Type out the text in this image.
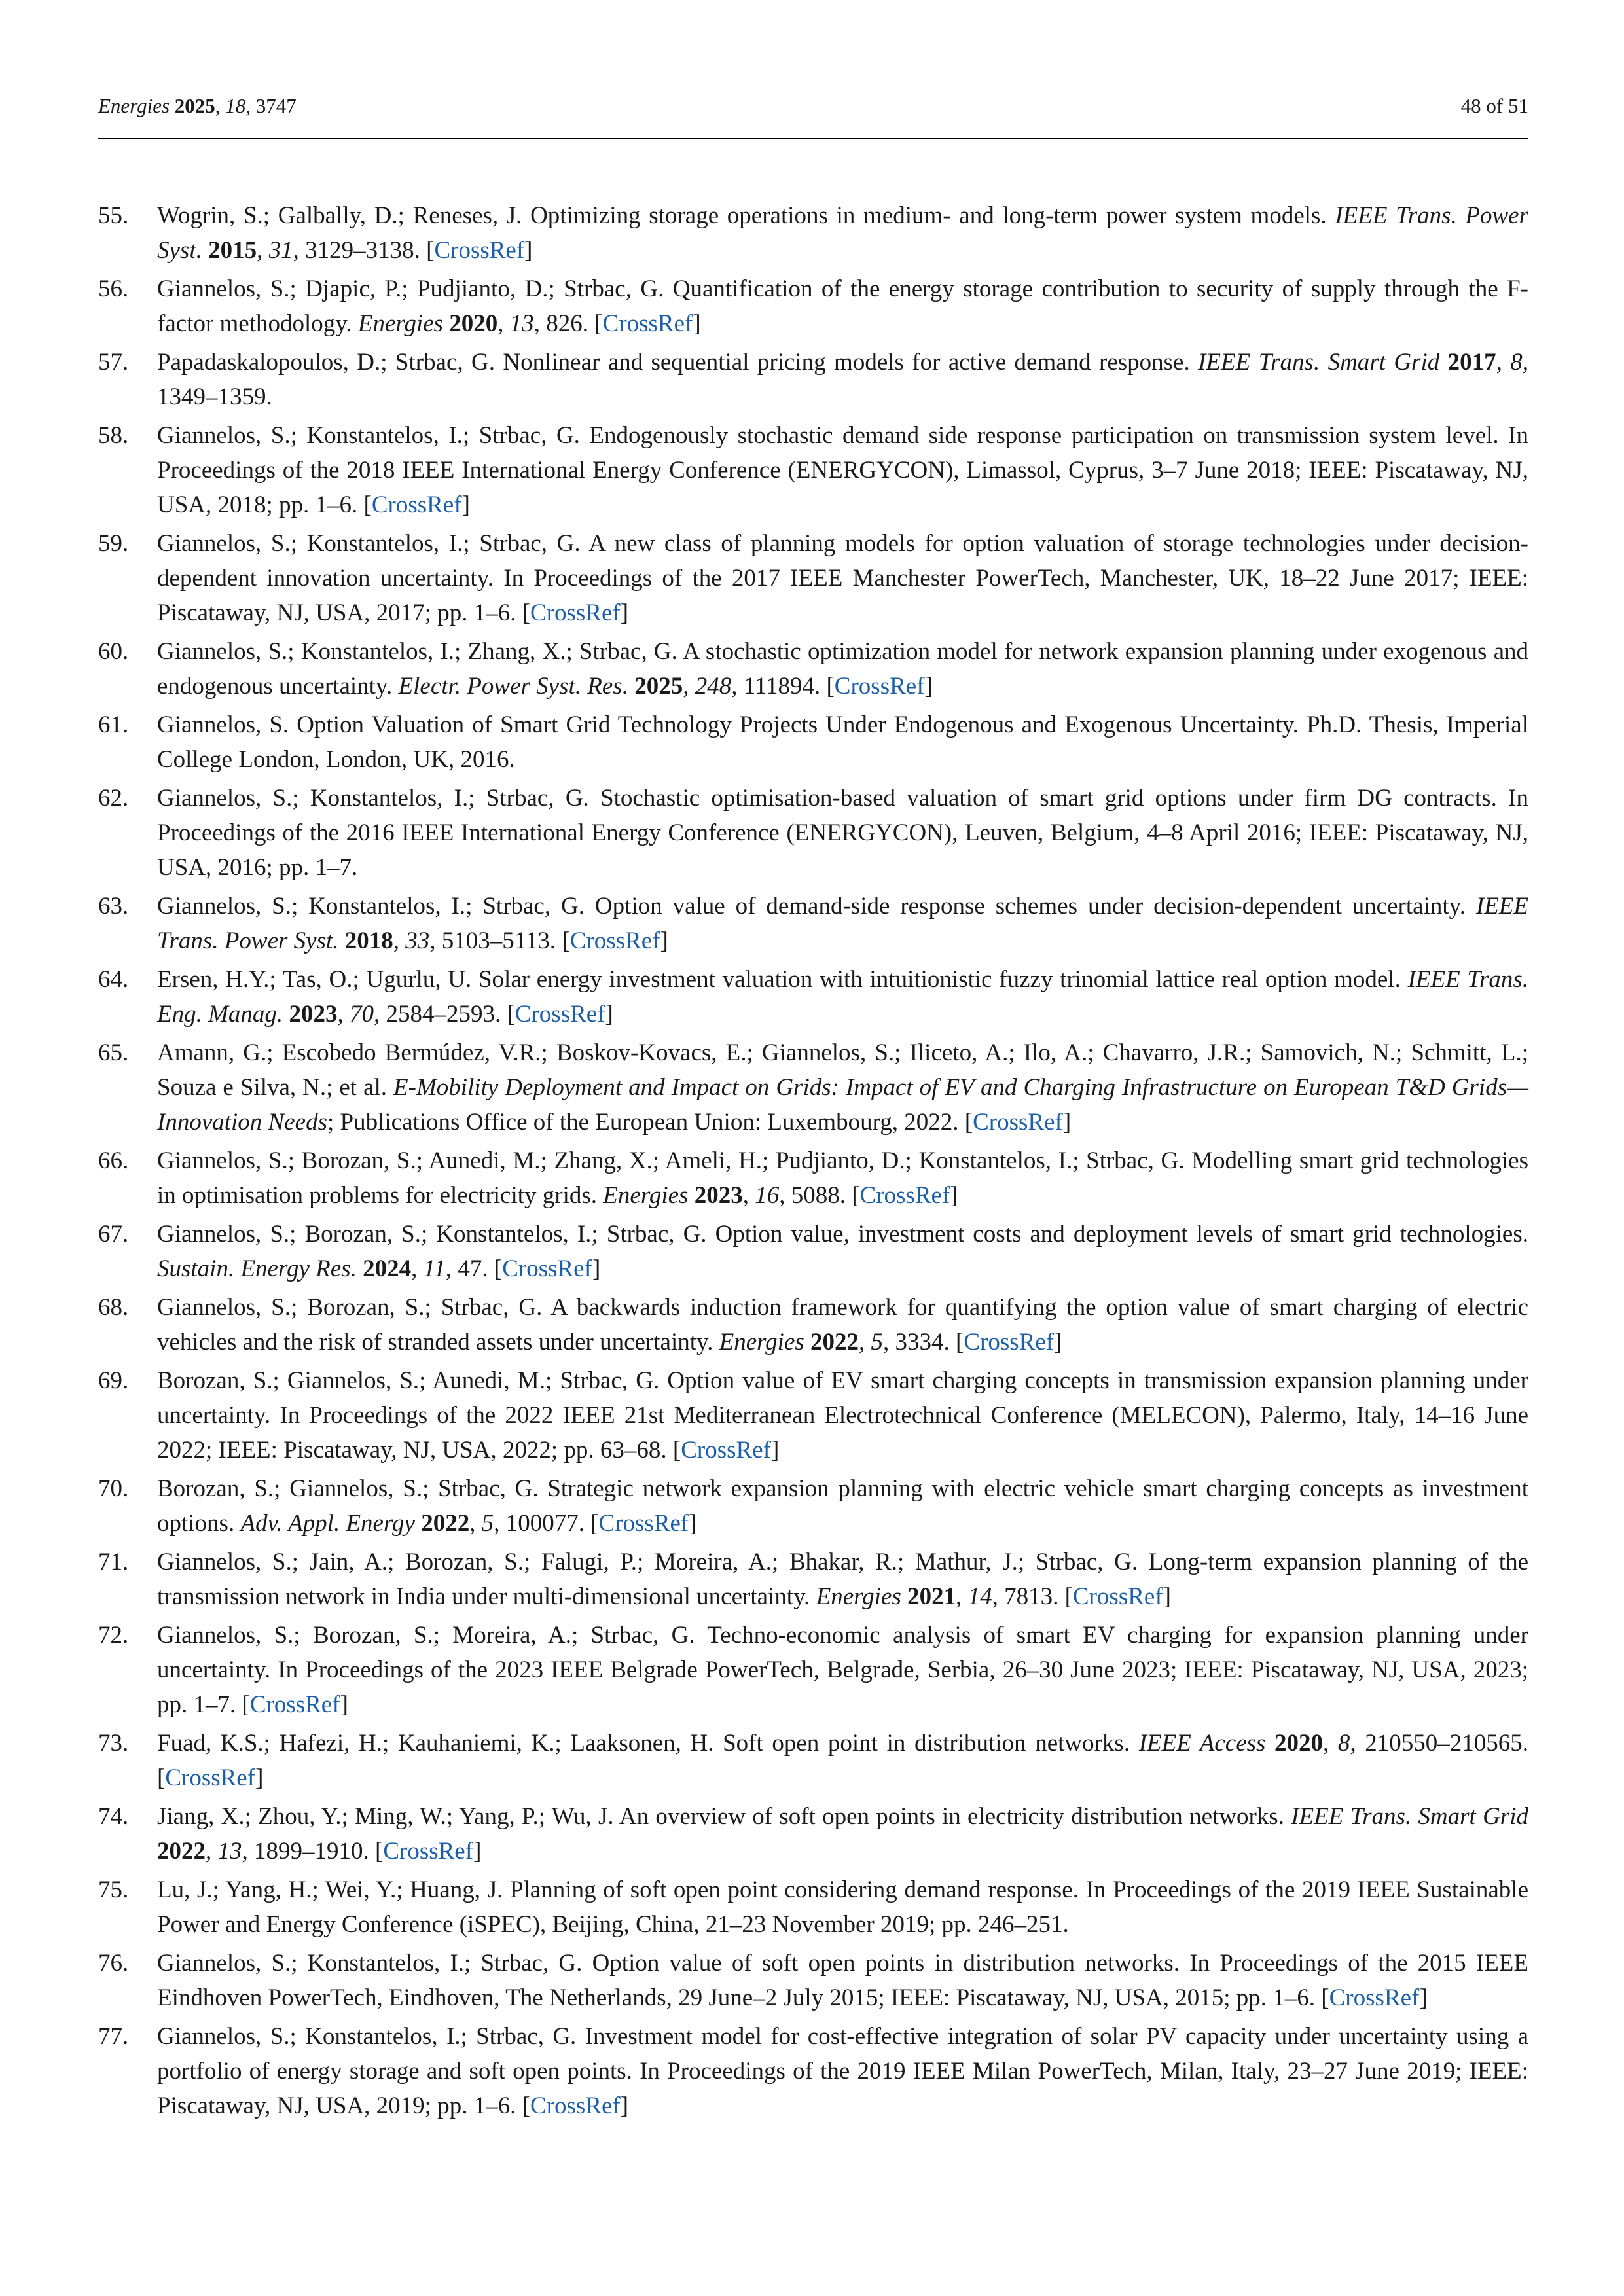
Energies 2025, 18, 3747	48 of 51
55. Wogrin, S.; Galbally, D.; Reneses, J. Optimizing storage operations in medium- and long-term power system models. IEEE Trans. Power Syst. 2015, 31, 3129–3138. [CrossRef]
56. Giannelos, S.; Djapic, P.; Pudjianto, D.; Strbac, G. Quantification of the energy storage contribution to security of supply through the F-factor methodology. Energies 2020, 13, 826. [CrossRef]
57. Papadaskalopoulos, D.; Strbac, G. Nonlinear and sequential pricing models for active demand response. IEEE Trans. Smart Grid 2017, 8, 1349–1359.
58. Giannelos, S.; Konstantelos, I.; Strbac, G. Endogenously stochastic demand side response participation on transmission system level. In Proceedings of the 2018 IEEE International Energy Conference (ENERGYCON), Limassol, Cyprus, 3–7 June 2018; IEEE: Piscataway, NJ, USA, 2018; pp. 1–6. [CrossRef]
59. Giannelos, S.; Konstantelos, I.; Strbac, G. A new class of planning models for option valuation of storage technologies under decision-dependent innovation uncertainty. In Proceedings of the 2017 IEEE Manchester PowerTech, Manchester, UK, 18–22 June 2017; IEEE: Piscataway, NJ, USA, 2017; pp. 1–6. [CrossRef]
60. Giannelos, S.; Konstantelos, I.; Zhang, X.; Strbac, G. A stochastic optimization model for network expansion planning under exogenous and endogenous uncertainty. Electr. Power Syst. Res. 2025, 248, 111894. [CrossRef]
61. Giannelos, S. Option Valuation of Smart Grid Technology Projects Under Endogenous and Exogenous Uncertainty. Ph.D. Thesis, Imperial College London, London, UK, 2016.
62. Giannelos, S.; Konstantelos, I.; Strbac, G. Stochastic optimisation-based valuation of smart grid options under firm DG contracts. In Proceedings of the 2016 IEEE International Energy Conference (ENERGYCON), Leuven, Belgium, 4–8 April 2016; IEEE: Piscataway, NJ, USA, 2016; pp. 1–7.
63. Giannelos, S.; Konstantelos, I.; Strbac, G. Option value of demand-side response schemes under decision-dependent uncertainty. IEEE Trans. Power Syst. 2018, 33, 5103–5113. [CrossRef]
64. Ersen, H.Y.; Tas, O.; Ugurlu, U. Solar energy investment valuation with intuitionistic fuzzy trinomial lattice real option model. IEEE Trans. Eng. Manag. 2023, 70, 2584–2593. [CrossRef]
65. Amann, G.; Escobedo Bermúdez, V.R.; Boskov-Kovacs, E.; Giannelos, S.; Iliceto, A.; Ilo, A.; Chavarro, J.R.; Samovich, N.; Schmitt, L.; Souza e Silva, N.; et al. E-Mobility Deployment and Impact on Grids: Impact of EV and Charging Infrastructure on European T&D Grids—Innovation Needs; Publications Office of the European Union: Luxembourg, 2022. [CrossRef]
66. Giannelos, S.; Borozan, S.; Aunedi, M.; Zhang, X.; Ameli, H.; Pudjianto, D.; Konstantelos, I.; Strbac, G. Modelling smart grid technologies in optimisation problems for electricity grids. Energies 2023, 16, 5088. [CrossRef]
67. Giannelos, S.; Borozan, S.; Konstantelos, I.; Strbac, G. Option value, investment costs and deployment levels of smart grid technologies. Sustain. Energy Res. 2024, 11, 47. [CrossRef]
68. Giannelos, S.; Borozan, S.; Strbac, G. A backwards induction framework for quantifying the option value of smart charging of electric vehicles and the risk of stranded assets under uncertainty. Energies 2022, 5, 3334. [CrossRef]
69. Borozan, S.; Giannelos, S.; Aunedi, M.; Strbac, G. Option value of EV smart charging concepts in transmission expansion planning under uncertainty. In Proceedings of the 2022 IEEE 21st Mediterranean Electrotechnical Conference (MELECON), Palermo, Italy, 14–16 June 2022; IEEE: Piscataway, NJ, USA, 2022; pp. 63–68. [CrossRef]
70. Borozan, S.; Giannelos, S.; Strbac, G. Strategic network expansion planning with electric vehicle smart charging concepts as investment options. Adv. Appl. Energy 2022, 5, 100077. [CrossRef]
71. Giannelos, S.; Jain, A.; Borozan, S.; Falugi, P.; Moreira, A.; Bhakar, R.; Mathur, J.; Strbac, G. Long-term expansion planning of the transmission network in India under multi-dimensional uncertainty. Energies 2021, 14, 7813. [CrossRef]
72. Giannelos, S.; Borozan, S.; Moreira, A.; Strbac, G. Techno-economic analysis of smart EV charging for expansion planning under uncertainty. In Proceedings of the 2023 IEEE Belgrade PowerTech, Belgrade, Serbia, 26–30 June 2023; IEEE: Piscataway, NJ, USA, 2023; pp. 1–7. [CrossRef]
73. Fuad, K.S.; Hafezi, H.; Kauhaniemi, K.; Laaksonen, H. Soft open point in distribution networks. IEEE Access 2020, 8, 210550–210565. [CrossRef]
74. Jiang, X.; Zhou, Y.; Ming, W.; Yang, P.; Wu, J. An overview of soft open points in electricity distribution networks. IEEE Trans. Smart Grid 2022, 13, 1899–1910. [CrossRef]
75. Lu, J.; Yang, H.; Wei, Y.; Huang, J. Planning of soft open point considering demand response. In Proceedings of the 2019 IEEE Sustainable Power and Energy Conference (iSPEC), Beijing, China, 21–23 November 2019; pp. 246–251.
76. Giannelos, S.; Konstantelos, I.; Strbac, G. Option value of soft open points in distribution networks. In Proceedings of the 2015 IEEE Eindhoven PowerTech, Eindhoven, The Netherlands, 29 June–2 July 2015; IEEE: Piscataway, NJ, USA, 2015; pp. 1–6. [CrossRef]
77. Giannelos, S.; Konstantelos, I.; Strbac, G. Investment model for cost-effective integration of solar PV capacity under uncertainty using a portfolio of energy storage and soft open points. In Proceedings of the 2019 IEEE Milan PowerTech, Milan, Italy, 23–27 June 2019; IEEE: Piscataway, NJ, USA, 2019; pp. 1–6. [CrossRef]
